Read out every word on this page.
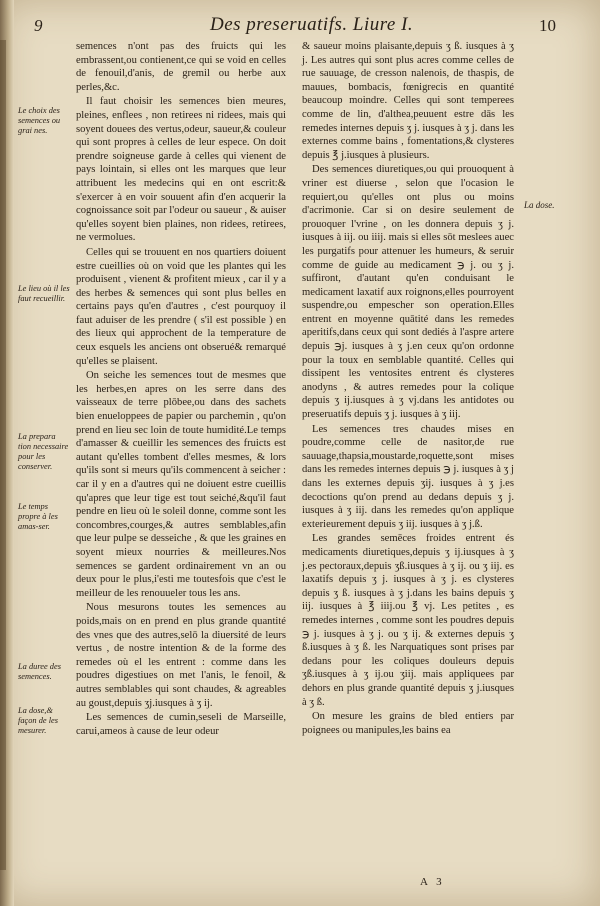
9	Des preseruatifs. Liure I.	10

semences n'ont pas des fruicts qui les embrassent,ou contienent,ce qui se void en celles de fenouil,d'anis, de gremil ou herbe aux perles,&c.

Il faut choisir les semences bien meures, pleines, enflees , non retirees ni ridees, mais qui soyent douees des vertus,odeur, saueur,& couleur qui sont propres à celles de leur espece. On doit prendre soigneuse garde à celles qui vienent de pays lointain, si elles ont les marques que leur attribuent les medecins qui en ont escrit:& s'exercer à en voir souuent afin d'en acquerir la cognoissance soit par l'odeur ou saueur , & auiser qu'elles soyent bien plaines, non ridees, retirees, ne vermolues.

Celles qui se trouuent en nos quartiers doiuent estre cueillies où on void que les plantes qui les produisent , vienent & profitent mieux , car il y a des herbes & semences qui sont plus belles en certains pays qu'en d'autres , c'est pourquoy il faut aduiser de les prendre ( s'il est possible ) en des lieux qui approchent de la temperature de ceux esquels les anciens ont obserué& remarqué qu'elles se plaisent.

On seiche les semences tout de mesmes que les herbes,en apres on les serre dans des vaisseaux de terre plōbee,ou dans des sachets bien enueloppees de papier ou parchemin , qu'on prend en lieu sec loin de toute humidité.Le temps d'amasser & cueillir les semences des fruicts est autant qu'elles tombent d'elles mesmes, & lors qu'ils sont si meurs qu'ils commencent à seicher : car il y en a d'autres qui ne doiuent estre cueillis qu'apres que leur tige est tout seiché,&qu'il faut pendre en lieu où le soleil donne, comme sont les concombres,courges,& autres semblables,afin que leur pulpe se desseiche , & que les graines en soyent mieux nourries & meilleures.Nos semences se gardent ordinairement vn an ou deux pour le plus,i'esti me toutesfois que c'est le meilleur de les renouueler tous les ans.

Nous mesurons toutes les semences au poids,mais on en prend en plus grande quantité des vnes que des autres,selō la diuersité de leurs vertus , de nostre intention & de la forme des remedes où el les entrent : comme dans les poudres digestiues on met l'anis, le fenoil, & autres semblables qui sont chaudes, & agreables au goust,depuis ʒj.iusques à ʒ ij.

Les semences de cumin,seseli de Marseille, carui,ameos à cause de leur odeur

& saueur moins plaisante,depuis ʒ ß. iusques à ʒ j. Les autres qui sont plus acres comme celles de rue sauuage, de cresson nalenois, de thaspis, de mauues, bombacis, fœnigrecis en quantité beaucoup moindre. Celles qui sont temperees comme de lin, d'althea,peuuent estre dās les remedes internes depuis ʒ j. iusques à ʒ j. dans les externes comme bains , fomentations,& clysteres depuis ℥ j.iusques à plusieurs.

Des semences diuretiques,ou qui prouoquent à vriner est diuerse , selon que l'ocasion le requiert,ou qu'elles ont plus ou moins d'acrimonie. Car si on desire seulement de prouoquer l'vrine , on les donnera depuis ʒ j. iusques à iij. ou iiij. mais si elles sōt meslees auec les purgatifs pour attenuer les humeurs, & seruir comme de guide au medicament ℈ j. ou ʒ j. suffiront, d'autant qu'en conduisant le medicament laxatif aux roignons,elles pourroyent suspendre,ou empescher son operation.Elles entrent en moyenne quātité dans les remedes aperitifs,dans ceux qui sont dediés à l'aspre artere depuis ℈j. iusques à ʒ j.en ceux qu'on ordonne pour la toux en semblable quantité. Celles qui dissipent les ventosites entrent és clysteres anodyns , & autres remedes pour la colique depuis ʒ ij.iusques à ʒ vj.dans les antidotes ou preseruatifs depuis ʒ j. iusques à ʒ iij.

Les semences tres chaudes mises en poudre,comme celle de nasitor,de rue sauuage,thapsia,moustarde,roquette,sont mises dans les remedes internes depuis ℈ j. iusques à ʒ j dans les externes depuis ʒij. iusques à ʒ j.es decoctions qu'on prend au dedans depuis ʒ j. iusques à ʒ iij. dans les remedes qu'on applique exterieurement depuis ʒ iij. iusques à ʒ j.ß.

Les grandes semēces froides entrent és medicaments diuretiques,depuis ʒ ij.iusques à ʒ j.es pectoraux,depuis ʒß.iusques à ʒ ij. ou ʒ iij. es laxatifs depuis ʒ j. iusques à ʒ j. es clysteres depuis ʒ ß. iusques à ʒ j.dans les bains depuis ʒ iij. iusques à ℥ iiij.ou ℥ vj. Les petites , es remedes internes , comme sont les poudres depuis ℈ j. iusques à ʒ j. ou ʒ ij. & externes depuis ʒ ß.iusques à ʒ ß. les Narquatiques sont prises par dedans pour les coliques douleurs depuis ʒß.iusques à ʒ ij.ou ʒiij. mais appliquees par dehors en plus grande quantité depuis ʒ j.iusques à ʒ ß.

On mesure les grains de bled entiers par poignees ou manipules,les bains ea

Le choix des semences ou grai nes.
Le lieu où il les faut recueillir.
La prepara tion necessaire pour les conserver.
Le temps propre à les amas-ser.
La duree des semences.
La dose,& façon de les mesurer.
La dose.
A 3
